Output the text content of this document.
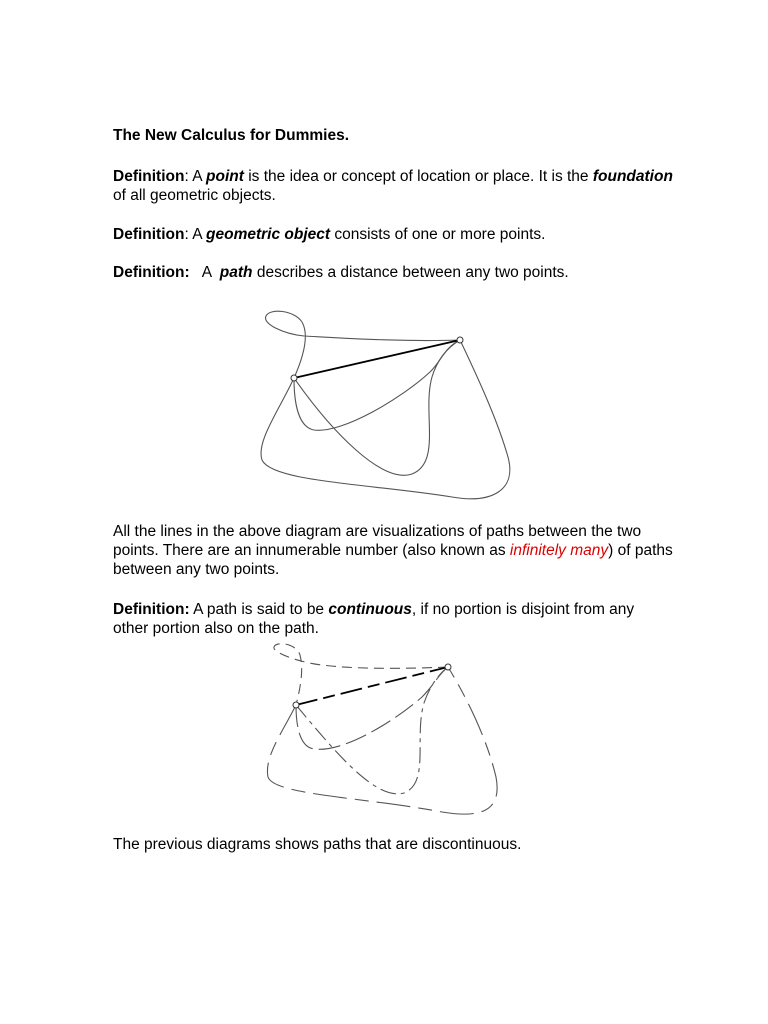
The New Calculus for Dummies.

Definition: A point is the idea or concept of location or place. It is the foundation of all geometric objects.

Definition: A geometric object consists of one or more points.

Definition:   A  path describes a distance between any two points.

All the lines in the above diagram are visualizations of paths between the two points. There are an innumerable number (also known as infinitely many) of paths between any two points.

Definition: A path is said to be continuous, if no portion is disjoint from any other portion also on the path.

The previous diagrams shows paths that are discontinuous.
